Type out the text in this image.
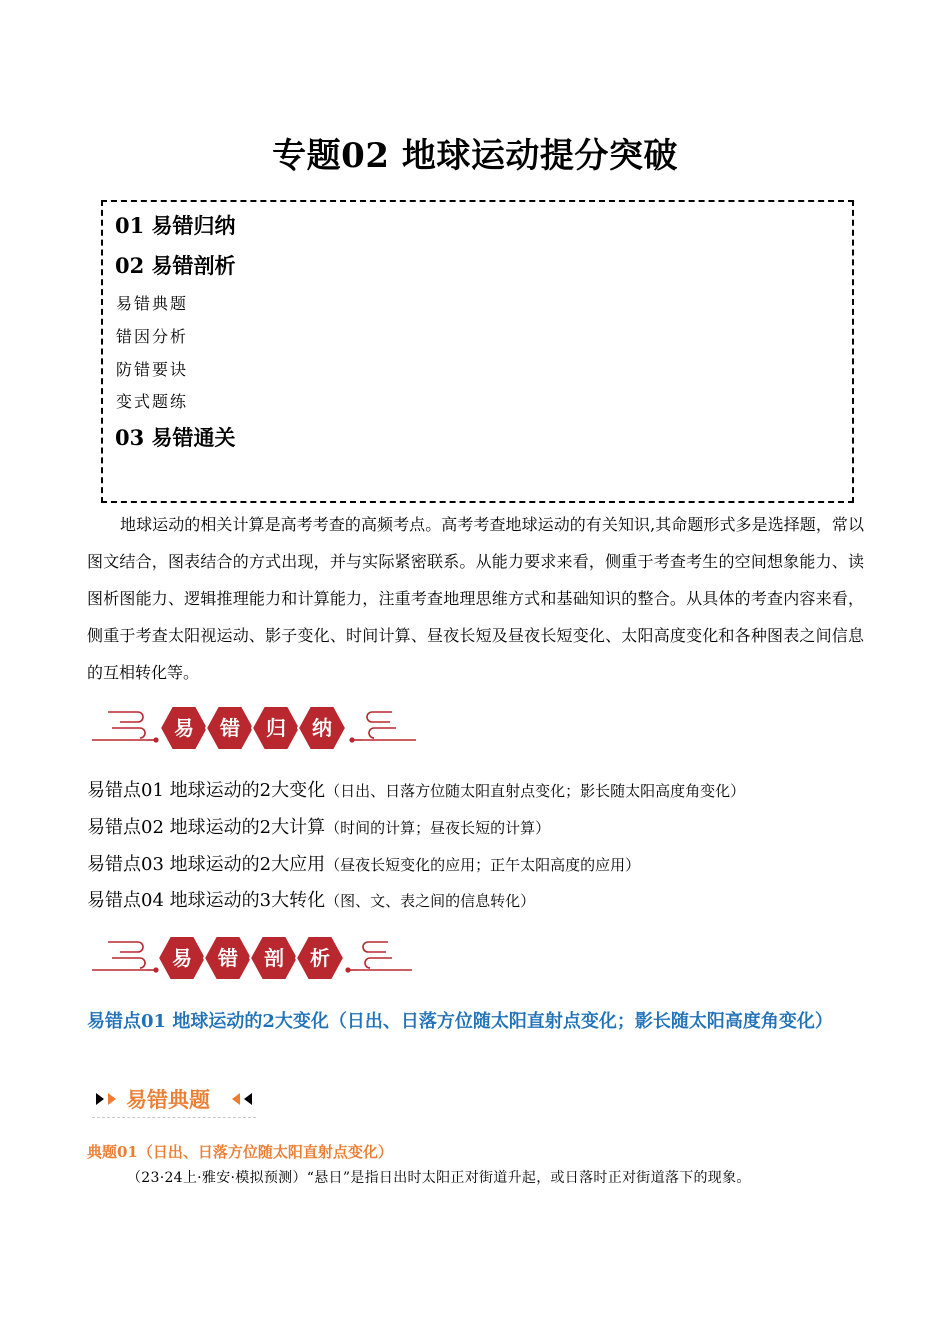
专题02 地球运动提分突破
01 易错归纳
02 易错剖析
易错典题
错因分析
防错要诀
变式题练
03 易错通关
地球运动的相关计算是高考考查的高频考点。高考考查地球运动的有关知识,其命题形式多是选择题，常以图文结合，图表结合的方式出现，并与实际紧密联系。从能力要求来看，侧重于考查考生的空间想象能力、读图析图能力、逻辑推理能力和计算能力，注重考查地理思维方式和基础知识的整合。从具体的考查内容来看，侧重于考查太阳视运动、影子变化、时间计算、昼夜长短及昼夜长短变化、太阳高度变化和各种图表之间信息的互相转化等。
易 错 归 纳
易错点01 地球运动的2大变化（日出、日落方位随太阳直射点变化；影长随太阳高度角变化）
易错点02 地球运动的2大计算（时间的计算；昼夜长短的计算）
易错点03 地球运动的2大应用（昼夜长短变化的应用；正午太阳高度的应用）
易错点04 地球运动的3大转化（图、文、表之间的信息转化）
易 错 剖 析
易错点01 地球运动的2大变化（日出、日落方位随太阳直射点变化；影长随太阳高度角变化）
易错典题
典题01（日出、日落方位随太阳直射点变化）
（23·24上·雅安·模拟预测）“悬日”是指日出时太阳正对街道升起，或日落时正对街道落下的现象。
